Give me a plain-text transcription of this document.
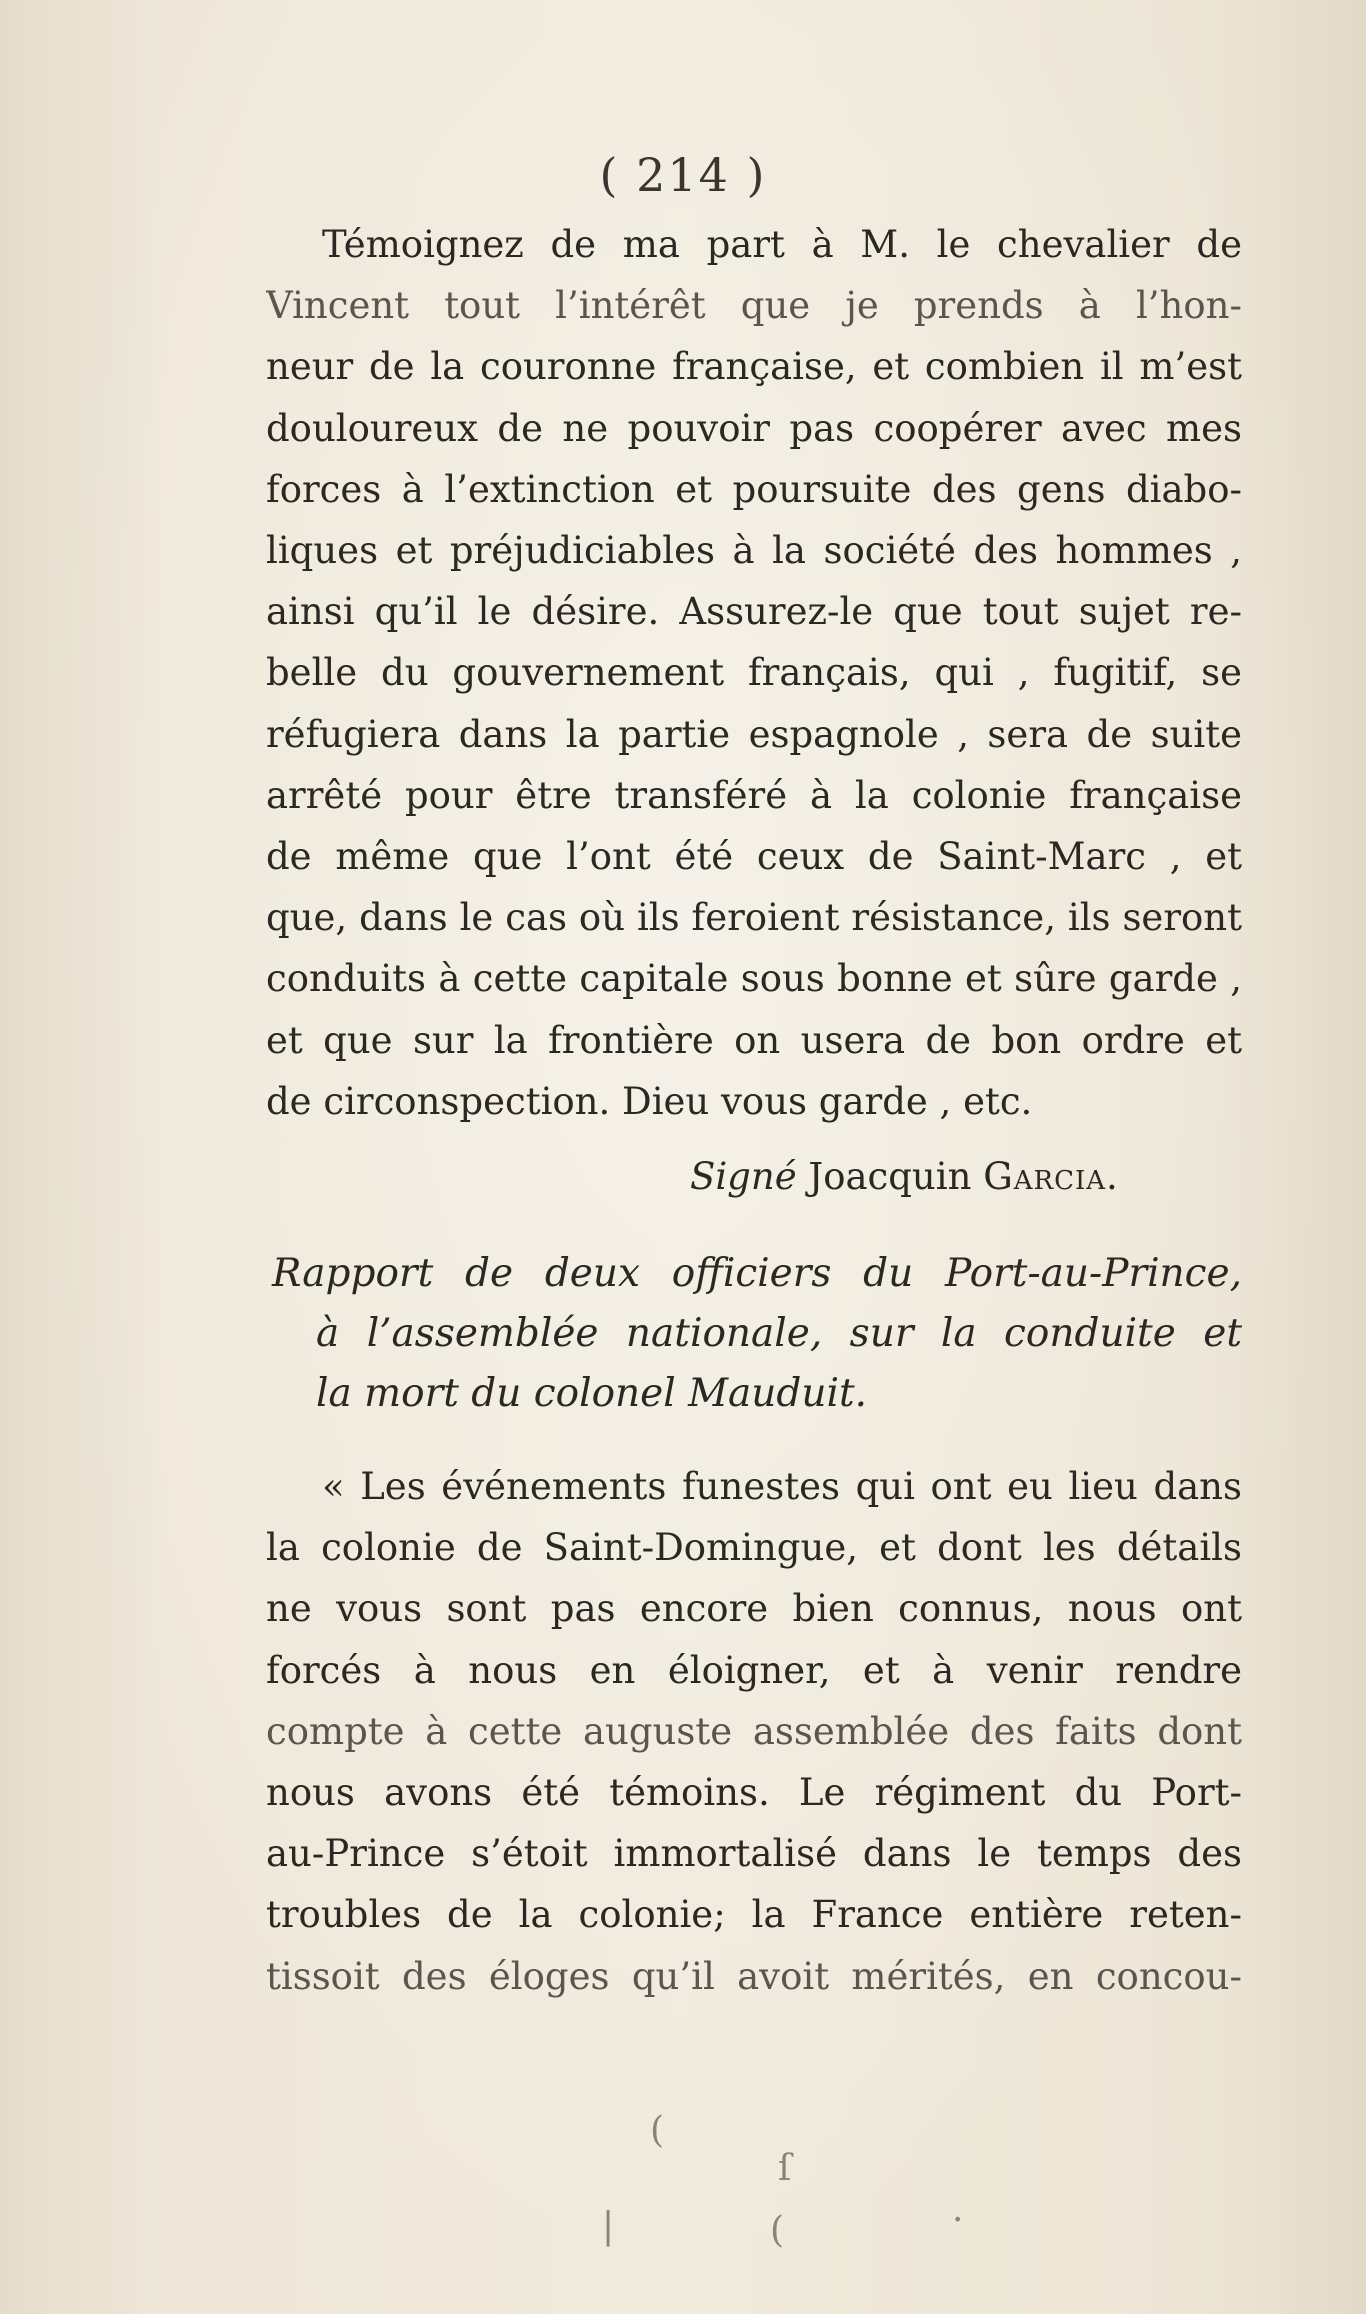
( 214 )
Témoignez de ma part à M. le chevalier de
Vincent tout l’intérêt que je prends à l’hon-
neur de la couronne française, et combien il m’est
douloureux de ne pouvoir pas coopérer avec mes
forces à l’extinction et poursuite des gens diabo-
liques et préjudiciables à la société des hommes ,
ainsi qu’il le désire. Assurez-le que tout sujet re-
belle du gouvernement français, qui , fugitif, se
réfugiera dans la partie espagnole , sera de suite
arrêté pour être transféré à la colonie française
de même que l’ont été ceux de Saint-Marc , et
que, dans le cas où ils feroient résistance, ils seront
conduits à cette capitale sous bonne et sûre garde ,
et que sur la frontière on usera de bon ordre et
de circonspection. Dieu vous garde , etc.
Signé Joacquin Garcia.
Rapport de deux officiers du Port-au-Prince,
à l’assemblée nationale, sur la conduite et
la mort du colonel Mauduit.
« Les événements funestes qui ont eu lieu dans
la colonie de Saint-Domingue, et dont les détails
ne vous sont pas encore bien connus, nous ont
forcés à nous en éloigner, et à venir rendre
compte à cette auguste assemblée des faits dont
nous avons été témoins. Le régiment du Port-
au-Prince s’étoit immortalisé dans le temps des
troubles de la colonie; la France entière reten-
tissoit des éloges qu’il avoit mérités, en concou-
(
ſ
|	(	·
